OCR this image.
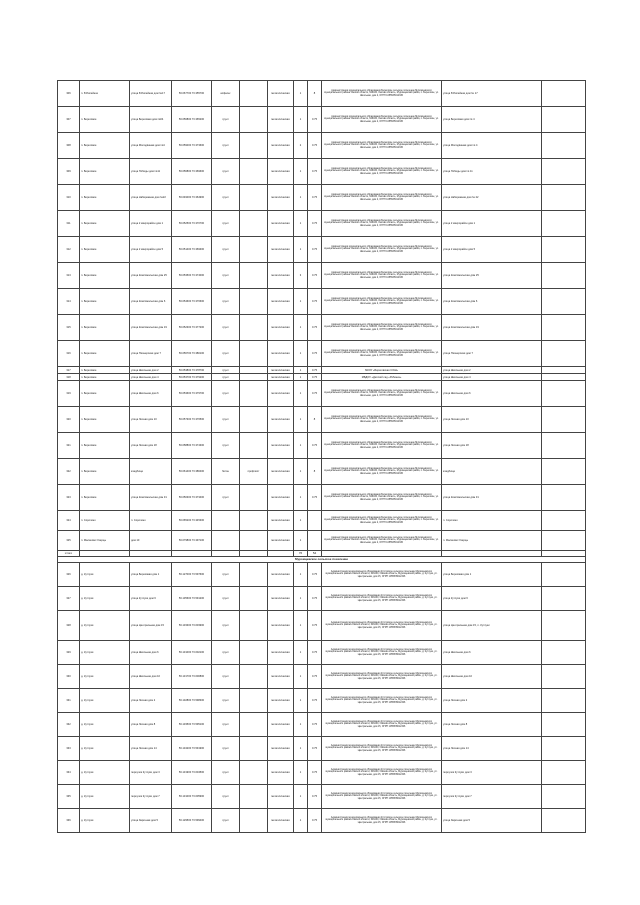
306	п. Юбилейное	улица Юбилейная дом №17	56.067700 73.355700	асфальт		металлическая	1	8	Администрация муниципального образования Береговое сельское поселение Муромцевского муниципального района Омской области, 646430, Омская область, Муромцевский район, п. Береговое, ул. Школьная, дом 2, ОГРН 1055535012345	улица Юбилейная дом № 17	
307	п. Береговое	улица Береговая дом №04	56.056800 73.365200	грунт		металлическая	1	0.75	Администрация муниципального образования Береговое сельское поселение Муромцевского муниципального района Омской области, 646430, Омская область, Муромцевский район, п. Береговое, ул. Школьная, дом 2, ОГРН 1055535012345	улица Береговая дом № 4	
308	п. Береговое	улица Молодёжная дом №4	56.059000 73.373600	грунт		металлическая	2	0.75	Администрация муниципального образования Береговое сельское поселение Муромцевского муниципального района Омской области, 646430, Омская область, Муромцевский район, п. Береговое, ул. Школьная, дом 2, ОГРН 1055535012345	улица Молодёжная дом № 4	
309	п. Береговое	улица Победы дом №11	56.056800 73.369600	грунт		металлическая	1	0.75	Администрация муниципального образования Береговое сельское поселение Муромцевского муниципального района Омской области, 646430, Омская область, Муромцевский район, п. Береговое, ул. Школьная, дом 2, ОГРН 1055535012345	улица Победы дом № 11	
310	п. Береговое	улица Набережная дом №22	56.049000 73.364900	грунт		металлическая	1	0.75	Администрация муниципального образования Береговое сельское поселение Муромцевского муниципального района Омской области, 646430, Омская область, Муромцевский район, п. Береговое, ул. Школьная, дом 2, ОГРН 1055535012345	улица Набережная дом № 22	
311	п. Береговое	улица 2 микрорайон дом 1	56.052500 73.370700	грунт		металлическая	1	0.75	Администрация муниципального образования Береговое сельское поселение Муромцевского муниципального района Омской области, 646430, Омская область, Муромцевский район, п. Береговое, ул. Школьная, дом 2, ОГРН 1055535012345	улица 2 микрорайон дом 1	
312	п. Береговое	улица 2 микрорайон дом 5	56.051400 73.369300	грунт		металлическая	1	0.75	Администрация муниципального образования Береговое сельское поселение Муромцевского муниципального района Омской области, 646430, Омская область, Муромцевский район, п. Береговое, ул. Школьная, дом 2, ОГРН 1055535012345	улица 2 микрорайон дом 5	
313	п. Береговое	улица Комсомольская дом 25	56.053500 73.374000	грунт		металлическая	3	0.75	Администрация муниципального образования Береговое сельское поселение Муромцевского муниципального района Омской области, 646430, Омская область, Муромцевский район, п. Береговое, ул. Школьная, дом 2, ОГРН 1055535012345	улица Комсомольская дом 25	
314	п. Береговое	улица Комсомольская дом 6	56.054600 73.376600	грунт		металлическая	1	0.75	Администрация муниципального образования Береговое сельское поселение Муромцевского муниципального района Омской области, 646430, Омская область, Муромцевский район, п. Береговое, ул. Школьная, дом 2, ОГРН 1055535012345	улица Комсомольская дом 6	
315	п. Береговое	улица Комсомольская дом 19	56.052300 73.377200	грунт		металлическая	1	0.75	Администрация муниципального образования Береговое сельское поселение Муромцевского муниципального района Омской области, 646430, Омская область, Муромцевский район, п. Береговое, ул. Школьная, дом 2, ОГРН 1055535012345	улица Комсомольская дом 19	
316	п. Береговое	улица Пионерская дом 7	56.056700 73.380100	грунт		металлическая	1	0.75	Администрация муниципального образования Береговое сельское поселение Муромцевского муниципального района Омской области, 646430, Омская область, Муромцевский район, п. Береговое, ул. Школьная, дом 2, ОГРН 1055535012345	улица Пионерская дом 7	
317	п. Береговое	улица Школьная дом 2	56.053800 73.378700	грунт		металлическая	1	0.75	МКОУ «Береговская СОШ»	улица Школьная дом 2	
318	п. Береговое	улица Школьная дом 4	56.053700 73.379200	грунт		металлическая	1	0.75	МБДОУ «Детский сад «Рябинка»	улица Школьная дом 4	
319	п. Береговое	улица Школьная дом 6	56.053600 73.379700	грунт		металлическая	1	0.75	Администрация муниципального образования Береговое сельское поселение Муромцевского муниципального района Омской области, 646430, Омская область, Муромцевский район, п. Береговое, ул. Школьная, дом 2, ОГРН 1055535012345	улица Школьная дом 6	
320	п. Береговое	улица Лесная дом 10	56.057300 73.376500	грунт		металлическая	1	8	Администрация муниципального образования Береговое сельское поселение Муромцевского муниципального района Омской области, 646430, Омская область, Муромцевский район, п. Береговое, ул. Школьная, дом 2, ОГРН 1055535012345	улица Лесная дом 10	
321	п. Береговое	улица Лесная дом 18	56.058800 73.374300	грунт		металлическая	1	0.75	Администрация муниципального образования Береговое сельское поселение Муромцевского муниципального района Омской области, 646430, Омская область, Муромцевский район, п. Береговое, ул. Школьная, дом 2, ОГРН 1055535012345	улица Лесная дом 18	
322	п. Береговое	кладбище	56.061400 73.386400	бетон	профлист	металлическая	1	8	Администрация муниципального образования Береговое сельское поселение Муромцевского муниципального района Омской области, 646430, Омская область, Муромцевский район, п. Береговое, ул. Школьная, дом 2, ОГРН 1055535012345	кладбище	
323	п. Береговое	улица Комсомольская дом 31	56.050300 73.373400	грунт		металлическая	1	0.75	Администрация муниципального образования Береговое сельское поселение Муромцевского муниципального района Омской области, 646430, Омская область, Муромцевский район, п. Береговое, ул. Школьная, дом 2, ОГРН 1055535012345	улица Комсомольская дом 31	
324	п. Сорочино	п. Сорочино	56.065200 73.345300			металлическая	1		Администрация муниципального образования Береговое сельское поселение Муромцевского муниципального района Омской области, 646430, Омская область, Муромцевский район, п. Береговое, ул. Школьная, дом 2, ОГРН 1055535012345	п. Сорочино	
325	п. Малахово Озерцы	дом 10	56.079800 73.397100			металлическая	1		Администрация муниципального образования Береговое сельское поселение Муромцевского муниципального района Омской области, 646430, Омская область, Муромцевский район, п. Береговое, ул. Школьная, дом 2, ОГРН 1055535012345	п. Малахово Озерцы	
итого							76	54			
Муромцевское сельское поселение											
326	д. Кутлуки	улица Березовая дом 1	56.127000 73.597600	грунт		металлическая	1	0.75	Администрация муниципального образования Кутлукское сельское поселение Муромцевского муниципального района Омской области, 646430, Омская область, Муромцевский район, д. Кутлуки, ул. Центральная, дом 15, ОГРН 1055535012346	улица Березовая дом 1	
327	д. Кутлуки	улица Кутлуки дом 6	56.135600 73.591200	грунт		металлическая	1	0.75	Администрация муниципального образования Кутлукское сельское поселение Муромцевского муниципального района Омской области, 646430, Омская область, Муромцевский район, д. Кутлуки, ул. Центральная, дом 15, ОГРН 1055535012346	улица Кутлуки дом 6	
328	д. Кутлуки	улица Центральная дом 15	56.133300 73.603900	грунт		металлическая	1	0.75	Администрация муниципального образования Кутлукское сельское поселение Муромцевского муниципального района Омской области, 646430, Омская область, Муромцевский район, д. Кутлуки, ул. Центральная, дом 15, ОГРН 1055535012346	улица Центральная дом 15, п. Кутлуки	
329	д. Кутлуки	улица Школьная дом 6	56.131000 73.602100	грунт		металлическая	1	0.75	Администрация муниципального образования Кутлукское сельское поселение Муромцевского муниципального района Омской области, 646430, Омская область, Муромцевский район, д. Кутлуки, ул. Центральная, дом 15, ОГРН 1055535012346	улица Школьная дом 6	
330	д. Кутлуки	улица Школьная дом 10	56.131700 73.600800	грунт		металлическая	1	0.75	Администрация муниципального образования Кутлукское сельское поселение Муромцевского муниципального района Омской области, 646430, Омская область, Муромцевский район, д. Кутлуки, ул. Центральная, дом 15, ОГРН 1055535012346	улица Школьная дом 10	
331	д. Кутлуки	улица Лесная дом 2	56.132800 73.598300	грунт		металлическая	1	0.75	Администрация муниципального образования Кутлукское сельское поселение Муромцевского муниципального района Омской области, 646430, Омская область, Муромцевский район, д. Кутлуки, ул. Центральная, дом 15, ОГРН 1055535012346	улица Лесная дом 2	
332	д. Кутлуки	улица Лесная дом 8	56.133500 73.595100	грунт		металлическая	1	0.75	Администрация муниципального образования Кутлукское сельское поселение Муромцевского муниципального района Омской области, 646430, Омская область, Муромцевский район, д. Кутлуки, ул. Центральная, дом 15, ОГРН 1055535012346	улица Лесная дом 8	
333	д. Кутлуки	улица Лесная дом 14	56.134200 73.591900	грунт		металлическая	1	0.75	Администрация муниципального образования Кутлукское сельское поселение Муромцевского муниципального района Омской области, 646430, Омская область, Муромцевский район, д. Кутлуки, ул. Центральная, дом 15, ОГРН 1055535012346	улица Лесная дом 14	
334	д. Кутлуки	переулок Кутлуки дом 3	56.131900 73.604500	грунт		металлическая	1	0.75	Администрация муниципального образования Кутлукское сельское поселение Муромцевского муниципального района Омской области, 646430, Омская область, Муромцевский район, д. Кутлуки, ул. Центральная, дом 15, ОГРН 1055535012346	переулок Кутлуки дом 3	
335	д. Кутлуки	переулок Кутлуки дом 7	56.131000 73.605900	грунт		металлическая	1	0.75	Администрация муниципального образования Кутлукское сельское поселение Муромцевского муниципального района Омской области, 646430, Омская область, Муромцевский район, д. Кутлуки, ул. Центральная, дом 15, ОГРН 1055535012346	переулок Кутлуки дом 7	
336	д. Кутлуки	улица Заречная дом 5	56.129500 73.599400	грунт		металлическая	1	0.75	Администрация муниципального образования Кутлукское сельское поселение Муромцевского муниципального района Омской области, 646430, Омская область, Муромцевский район, д. Кутлуки, ул. Центральная, дом 15, ОГРН 1055535012346	улица Заречная дом 5	
